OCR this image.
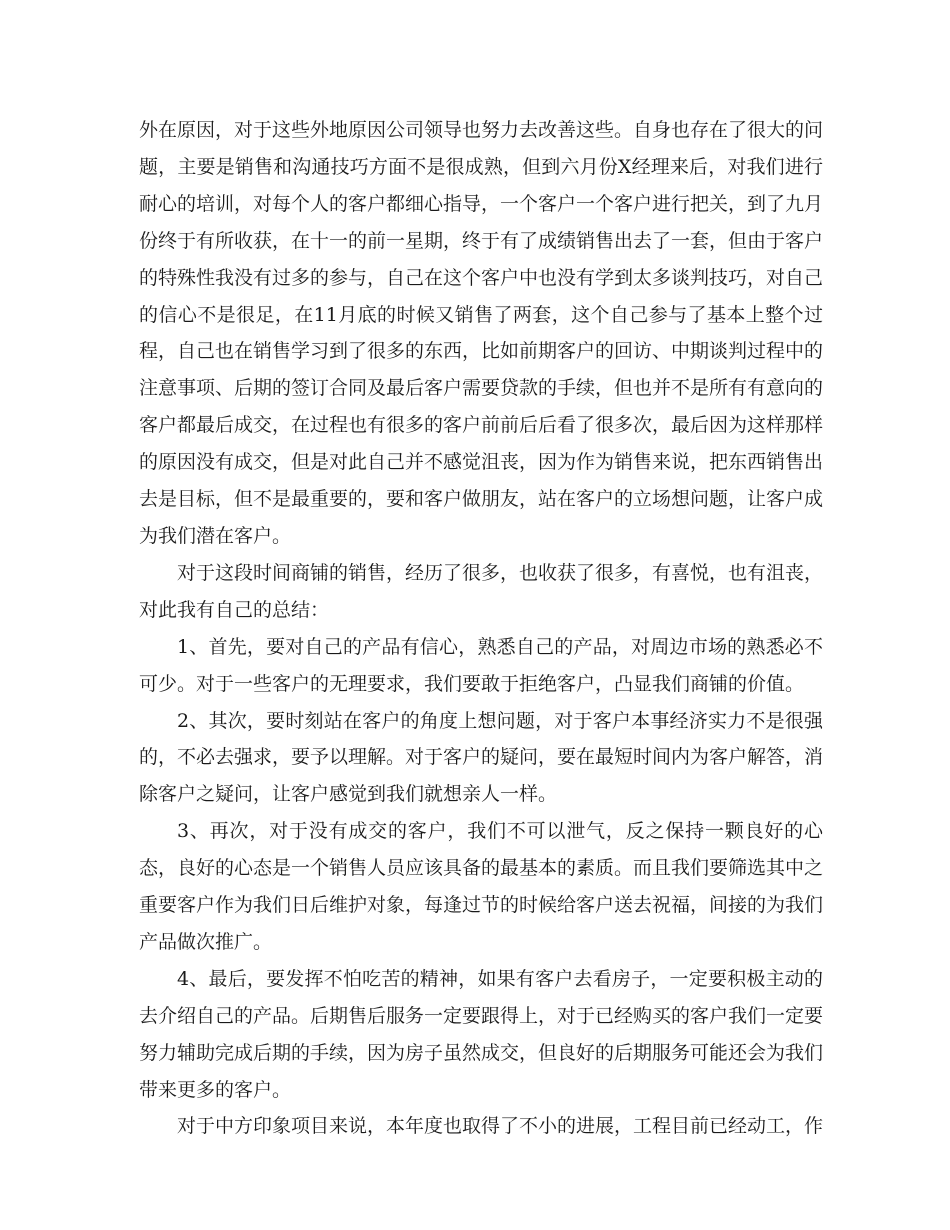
外在原因，对于这些外地原因公司领导也努力去改善这些。自身也存在了很大的问题，主要是销售和沟通技巧方面不是很成熟，但到六月份X经理来后，对我们进行耐心的培训，对每个人的客户都细心指导，一个客户一个客户进行把关，到了九月份终于有所收获，在十一的前一星期，终于有了成绩销售出去了一套，但由于客户的特殊性我没有过多的参与，自己在这个客户中也没有学到太多谈判技巧，对自己的信心不是很足，在11月底的时候又销售了两套，这个自己参与了基本上整个过程，自己也在销售学习到了很多的东西，比如前期客户的回访、中期谈判过程中的注意事项、后期的签订合同及最后客户需要贷款的手续，但也并不是所有有意向的客户都最后成交，在过程也有很多的客户前前后后看了很多次，最后因为这样那样的原因没有成交，但是对此自己并不感觉沮丧，因为作为销售来说，把东西销售出去是目标，但不是最重要的，要和客户做朋友，站在客户的立场想问题，让客户成为我们潜在客户。

对于这段时间商铺的销售，经历了很多，也收获了很多，有喜悦，也有沮丧，对此我有自己的总结：

1、首先，要对自己的产品有信心，熟悉自己的产品，对周边市场的熟悉必不可少。对于一些客户的无理要求，我们要敢于拒绝客户，凸显我们商铺的价值。

2、其次，要时刻站在客户的角度上想问题，对于客户本事经济实力不是很强的，不必去强求，要予以理解。对于客户的疑问，要在最短时间内为客户解答，消除客户之疑问，让客户感觉到我们就想亲人一样。

3、再次，对于没有成交的客户，我们不可以泄气，反之保持一颗良好的心态，良好的心态是一个销售人员应该具备的最基本的素质。而且我们要筛选其中之重要客户作为我们日后维护对象，每逢过节的时候给客户送去祝福，间接的为我们产品做次推广。

4、最后，要发挥不怕吃苦的精神，如果有客户去看房子，一定要积极主动的去介绍自己的产品。后期售后服务一定要跟得上，对于已经购买的客户我们一定要努力辅助完成后期的手续，因为房子虽然成交，但良好的后期服务可能还会为我们带来更多的客户。

对于中方印象项目来说，本年度也取得了不小的进展，工程目前已经动工，作
